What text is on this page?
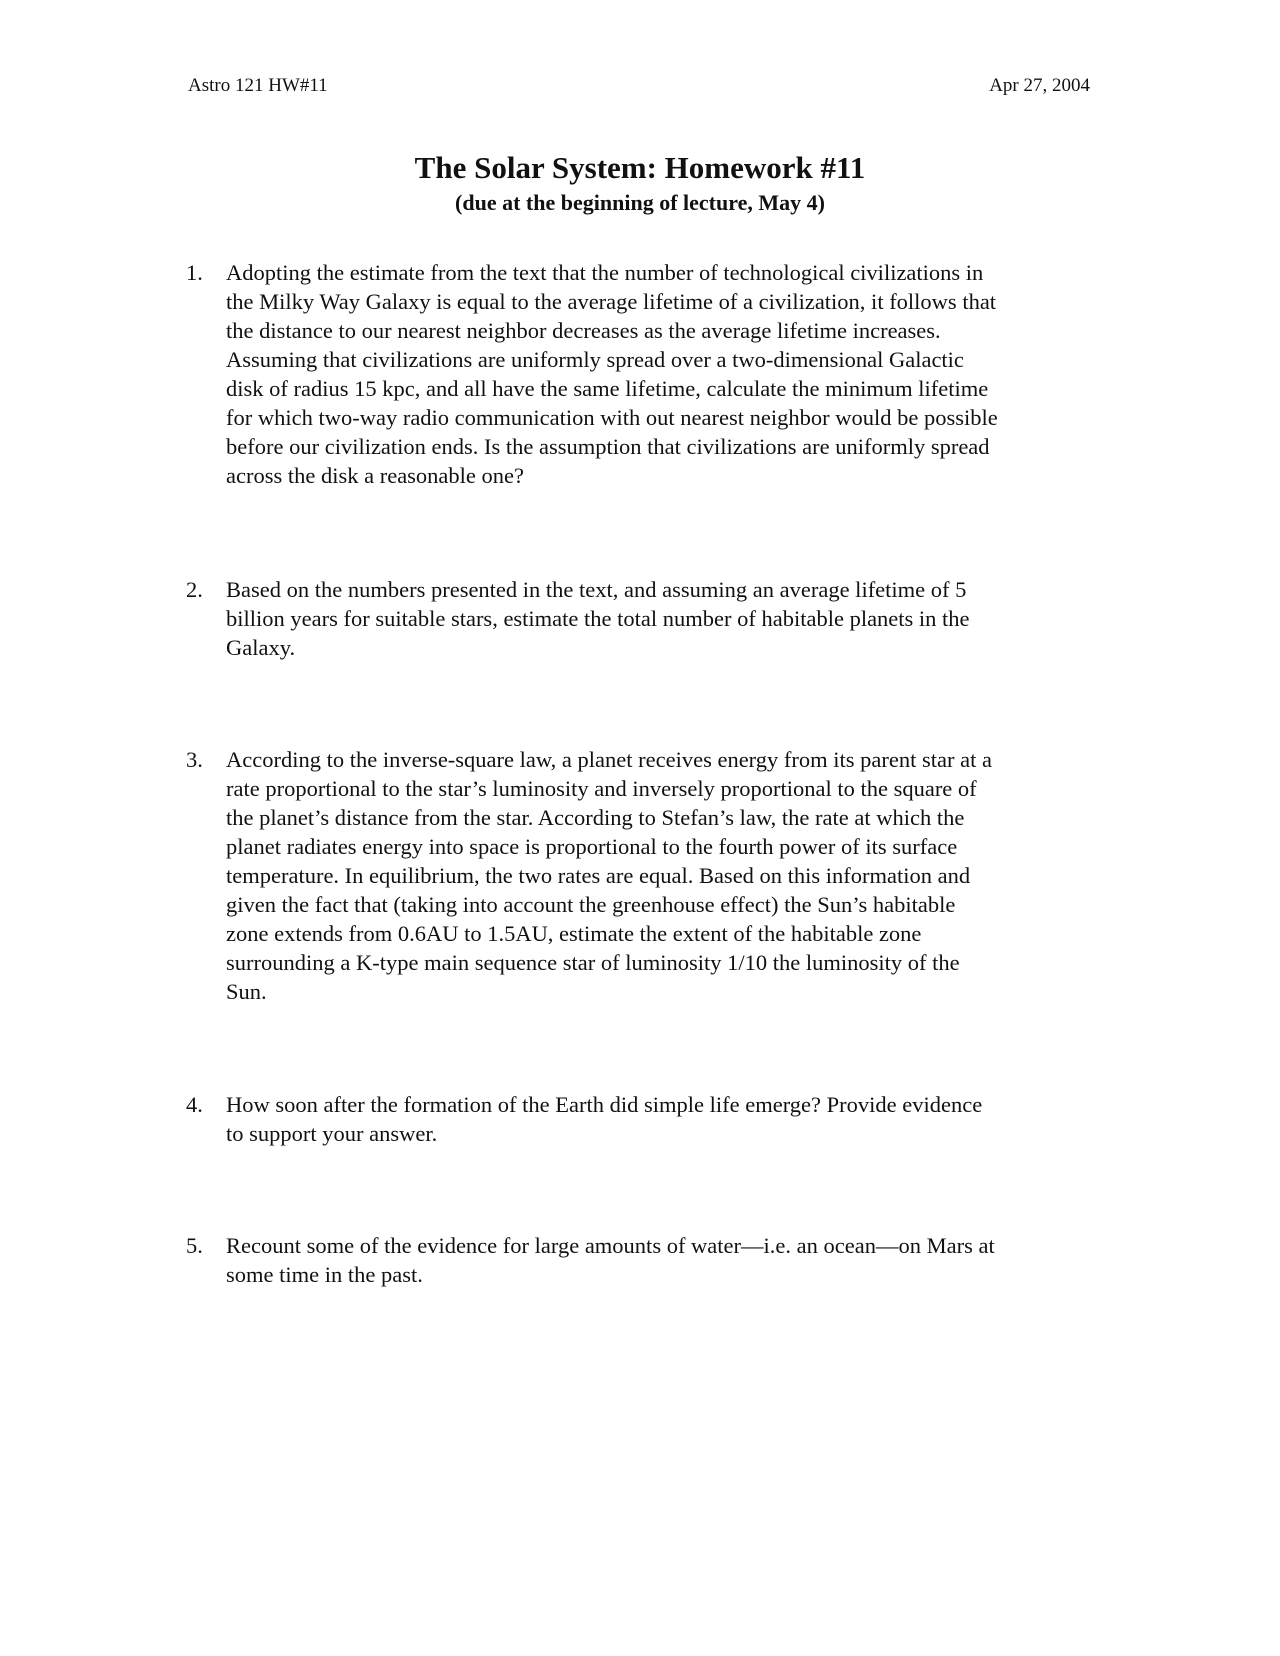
Astro 121 HW#11	Apr 27, 2004
The Solar System: Homework #11
(due at the beginning of lecture, May 4)
1.	Adopting the estimate from the text that the number of technological civilizations in
the Milky Way Galaxy is equal to the average lifetime of a civilization, it follows that
the distance to our nearest neighbor decreases as the average lifetime increases.
Assuming that civilizations are uniformly spread over a two-dimensional Galactic
disk of radius 15 kpc, and all have the same lifetime, calculate the minimum lifetime
for which two-way radio communication with out nearest neighbor would be possible
before our civilization ends. Is the assumption that civilizations are uniformly spread
across the disk a reasonable one?
2.	Based on the numbers presented in the text, and assuming an average lifetime of 5
billion years for suitable stars, estimate the total number of habitable planets in the
Galaxy.
3.	According to the inverse-square law, a planet receives energy from its parent star at a
rate proportional to the star’s luminosity and inversely proportional to the square of
the planet’s distance from the star. According to Stefan’s law, the rate at which the
planet radiates energy into space is proportional to the fourth power of its surface
temperature. In equilibrium, the two rates are equal. Based on this information and
given the fact that (taking into account the greenhouse effect) the Sun’s habitable
zone extends from 0.6AU to 1.5AU, estimate the extent of the habitable zone
surrounding a K-type main sequence star of luminosity 1/10 the luminosity of the
Sun.
4.	How soon after the formation of the Earth did simple life emerge? Provide evidence
to support your answer.
5.	Recount some of the evidence for large amounts of water—i.e. an ocean—on Mars at
some time in the past.
